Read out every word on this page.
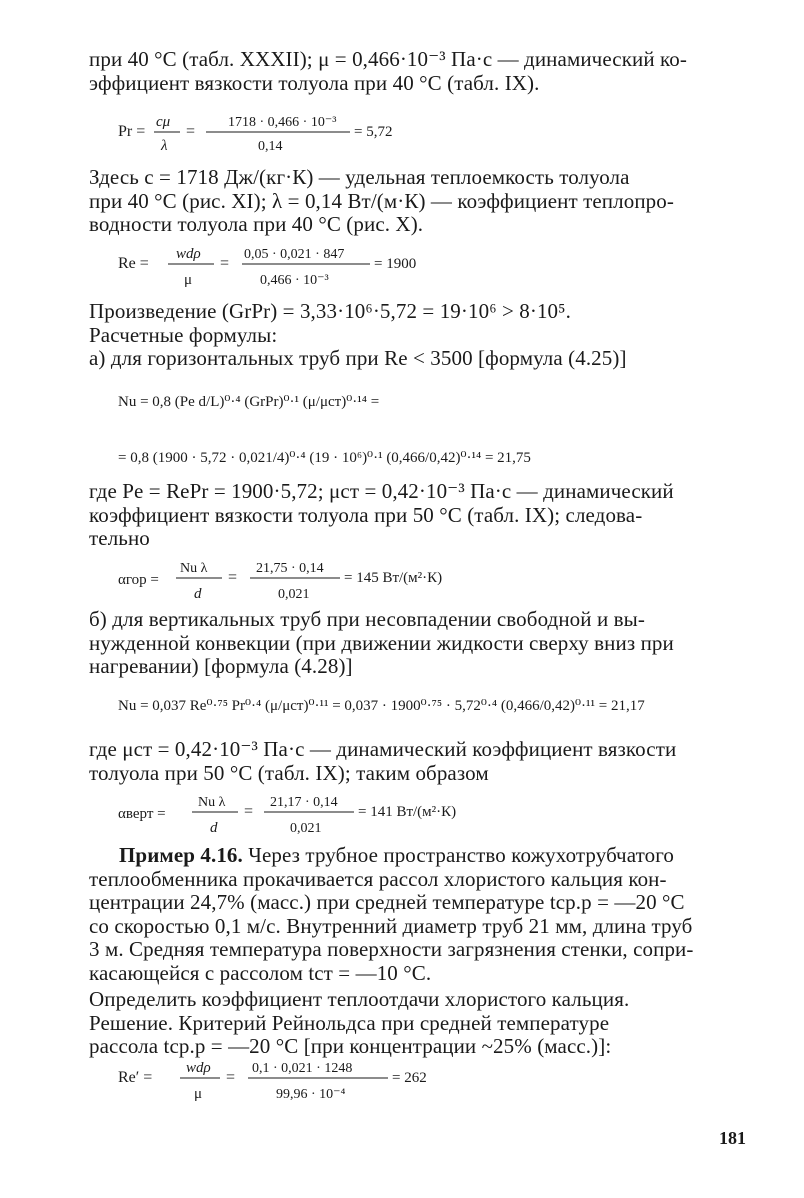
при 40 °C (табл. XXXII); μ = 0,466·10⁻³ Па·с — динамический ко-
эффициент вязкости толуола при 40 °C (табл. IX).
Pr =
cμ
λ
=
1718 · 0,466 · 10⁻³
0,14
= 5,72
Здесь c = 1718 Дж/(кг·К) — удельная теплоемкость толуола
при 40 °C (рис. XI); λ = 0,14 Вт/(м·К) — коэффициент теплопро-
водности толуола при 40 °C (рис. X).
Re =
wdρ
μ
=
0,05 · 0,021 · 847
0,466 · 10⁻³
= 1900
Произведение (GrPr) = 3,33·10⁶·5,72 = 19·10⁶ > 8·10⁵.
Расчетные формулы:
а) для горизонтальных труб при Re < 3500 [формула (4.25)]
Nu = 0,8 (Pe d/L)⁰·⁴ (GrPr)⁰·¹ (μ/μст)⁰·¹⁴ =
= 0,8 (1900 · 5,72 · 0,021/4)⁰·⁴ (19 · 10⁶)⁰·¹ (0,466/0,42)⁰·¹⁴ = 21,75
где Pe = RePr = 1900·5,72; μст = 0,42·10⁻³ Па·с — динамический
коэффициент вязкости толуола при 50 °C (табл. IX); следова-
тельно
αгор =
Nu λ
d
=
21,75 · 0,14
0,021
= 145 Вт/(м²·К)
б) для вертикальных труб при несовпадении свободной и вы-
нужденной конвекции (при движении жидкости сверху вниз при
нагревании) [формула (4.28)]
Nu = 0,037 Re⁰·⁷⁵ Pr⁰·⁴ (μ/μст)⁰·¹¹ = 0,037 · 1900⁰·⁷⁵ · 5,72⁰·⁴ (0,466/0,42)⁰·¹¹ = 21,17
где μст = 0,42·10⁻³ Па·с — динамический коэффициент вязкости
толуола при 50 °C (табл. IX); таким образом
αверт =
Nu λ
d
=
21,17 · 0,14
0,021
= 141 Вт/(м²·К)
Пример 4.16. Через трубное пространство кожухотрубчатого
теплообменника прокачивается рассол хлористого кальция кон-
центрации 24,7% (масс.) при средней температуре tср.р = —20 °C
со скоростью 0,1 м/с. Внутренний диаметр труб 21 мм, длина труб
3 м. Средняя температура поверхности загрязнения стенки, сопри-
касающейся с рассолом tст = —10 °C.
Определить коэффициент теплоотдачи хлористого кальция.
Решение. Критерий Рейнольдса при средней температуре
рассола tср.р = —20 °C [при концентрации ~25% (масс.)]:
Re′ =
wdρ
μ
=
0,1 · 0,021 · 1248
99,96 · 10⁻⁴
= 262
181
